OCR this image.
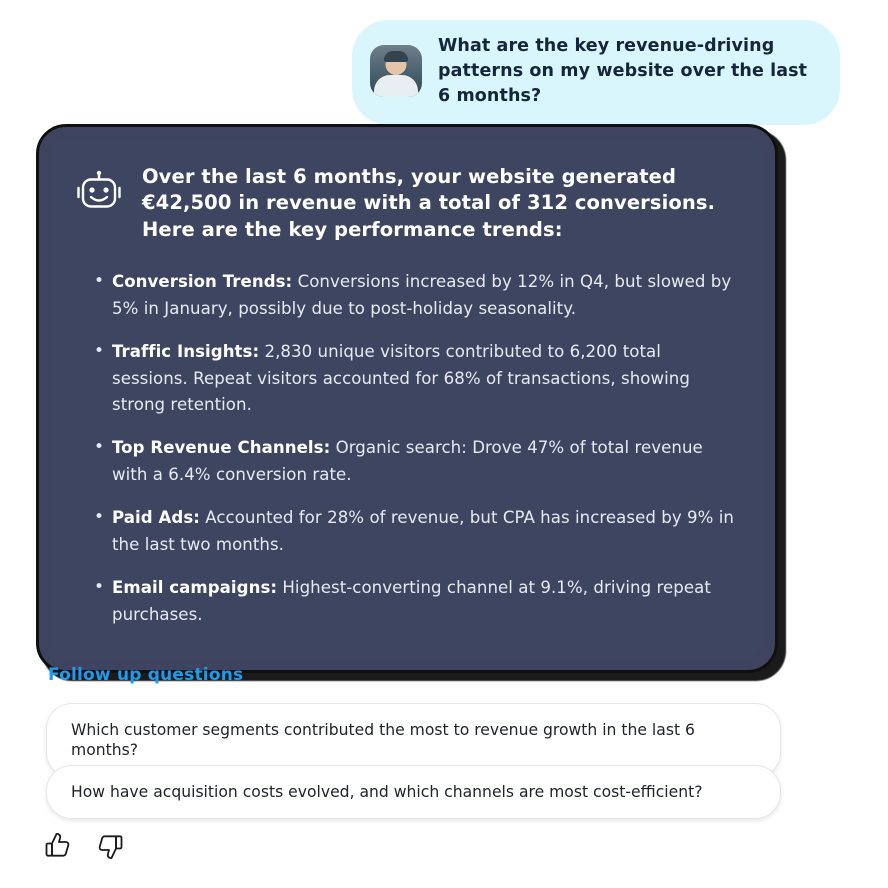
What are the key revenue-driving patterns on my website over the last 6 months?
Over the last 6 months, your website generated €42,500 in revenue with a total of 312 conversions. Here are the key performance trends:
• Conversion Trends: Conversions increased by 12% in Q4, but slowed by 5% in January, possibly due to post-holiday seasonality.
• Traffic Insights: 2,830 unique visitors contributed to 6,200 total sessions. Repeat visitors accounted for 68% of transactions, showing strong retention.
• Top Revenue Channels: Organic search: Drove 47% of total revenue with a 6.4% conversion rate.
• Paid Ads: Accounted for 28% of revenue, but CPA has increased by 9% in the last two months.
• Email campaigns: Highest-converting channel at 9.1%, driving repeat purchases.
Follow up questions
Which customer segments contributed the most to revenue growth in the last 6 months?
How have acquisition costs evolved, and which channels are most cost-efficient?
